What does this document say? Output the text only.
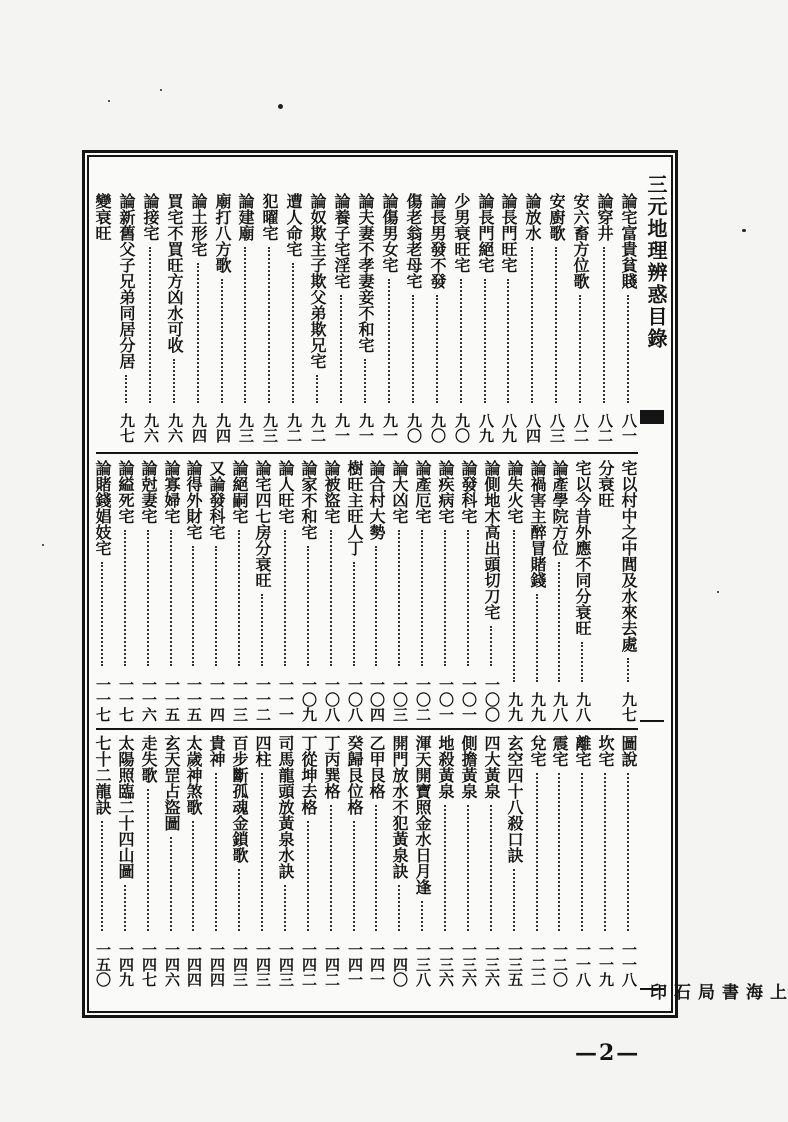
三元地理辨惑目錄
上海書局石印
論宅富貴貧賤
八一
論穿井
八二
安六畜方位歌
八二
安廚歌
八三
論放水
八四
論長門旺宅
八九
論長門絕宅
八九
少男衰旺宅
九〇
論長男發不發
九〇
傷老翁老母宅
九〇
論傷男女宅
九一
論夫妻不孝妻妾不和宅
九一
論養子宅淫宅
九一
論奴欺主子欺父弟欺兄宅
九二
遭人命宅
九二
犯曜宅
九三
論建廟
九三
廟打八方歌
九四
論土形宅
九四
買宅不買旺方凶水可收
九六
論接宅
九六
論新舊父子兄弟同居分居
九七
變衰旺
宅以村中之中閭及水來去處
九七
分衰旺
宅以今昔外應不同分衰旺
九八
論產學院方位
九八
論禍害主醉冒賭錢
九九
論失火宅
九九
論側地木高出頭切刀宅
一〇〇
論發科宅
一〇一
論疾病宅
一〇一
論產厄宅
一〇二
論大凶宅
一〇三
論合村大勢
一〇四
樹旺主旺人丁
一〇八
論被盜宅
一〇八
論家不和宅
一〇九
論人旺宅
一一一
論宅四七房分衰旺
一一二
論絕嗣宅
一一三
又論發科宅
一一四
論得外財宅
一一五
論寡婦宅
一一五
論尅妻宅
一一六
論縊死宅
一一七
論賭錢娼妓宅
一一七
圖說
一一八
坎宅
一一九
離宅
一一八
震宅
一二〇
兌宅
一二二
玄空四十八殺口訣
一三五
四大黃泉
一三六
側擔黃泉
一三六
地殺黃泉
一三六
渾天開寶照金水日月逢
一三八
開門放水不犯黃泉訣
一四〇
乙甲艮格
一四一
癸歸艮位格
一四一
丁丙巽格
一四二
丁從坤去格
一四二
司馬龍頭放黃泉水訣
一四三
四柱
一四三
百步斷孤魂金鎖歌
一四三
貴神
一四四
太歲神煞歌
一四四
玄天罡占盜圖
一四六
走失歌
一四七
太陽照臨二十四山圖
一四九
七十二龍訣
一五〇
—2—
